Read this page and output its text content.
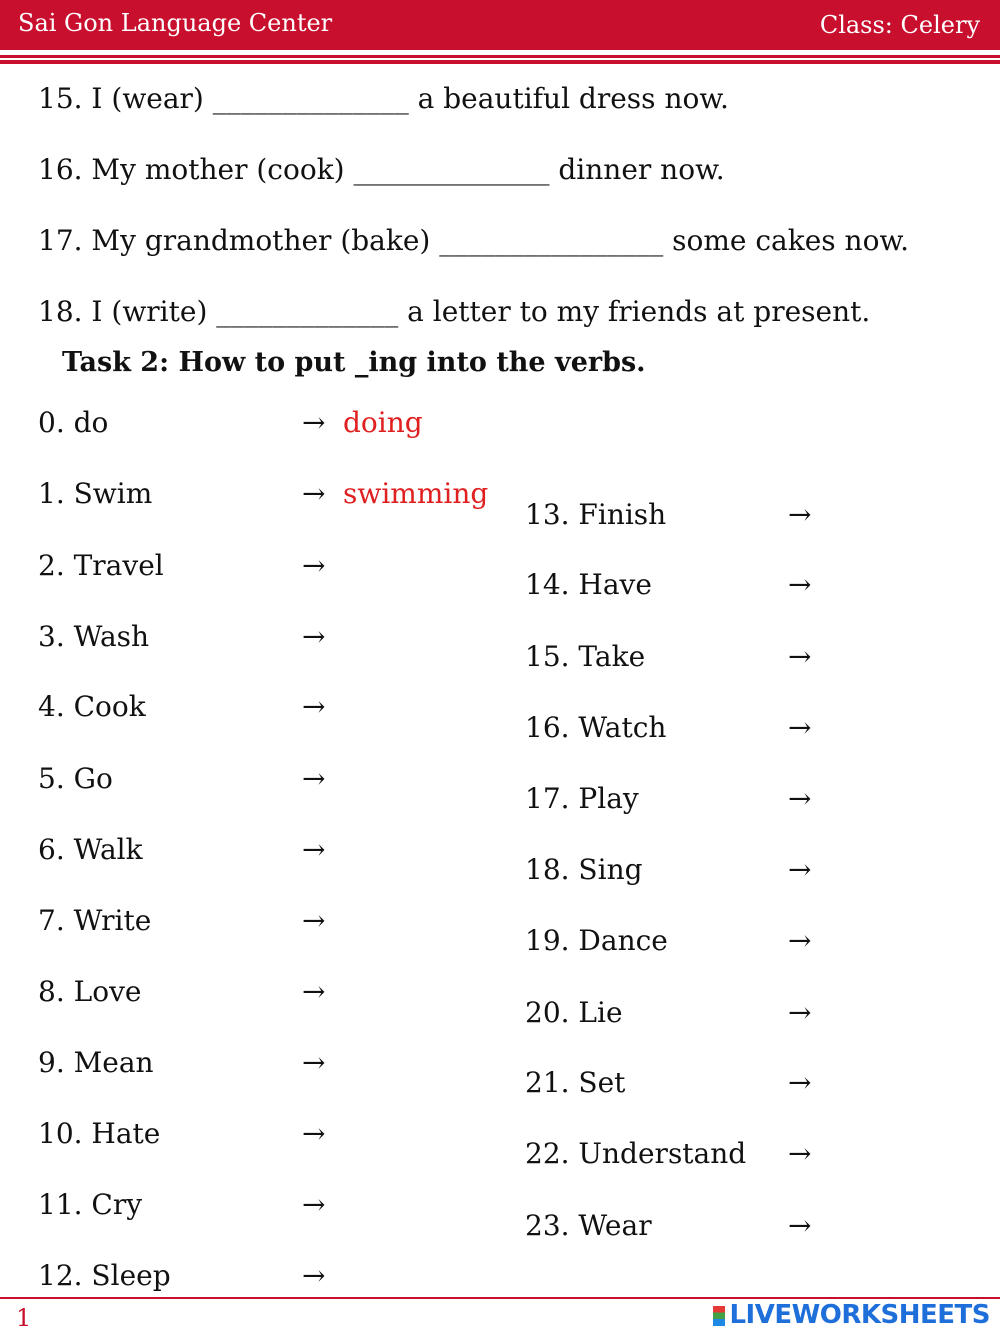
Sai Gon Language Center	Class: Celery
15. I (wear) ______________ a beautiful dress now.
16. My mother (cook) ______________ dinner now.
17. My grandmother (bake) ________________ some cakes now.
18. I (write) _____________ a letter to my friends at present.
Task 2: How to put _ing into the verbs.
0. do	→ doing
1. Swim	→ swimming
2. Travel	→
3. Wash	→
4. Cook	→
5. Go	→
6. Walk	→
7. Write	→
8. Love	→
9. Mean	→
10. Hate	→
11. Cry	→
12. Sleep	→
13. Finish	→
14. Have	→
15. Take	→
16. Watch	→
17. Play	→
18. Sing	→
19. Dance	→
20. Lie	→
21. Set	→
22. Understand →
23. Wear	→
1	LIVEWORKSHEETS
